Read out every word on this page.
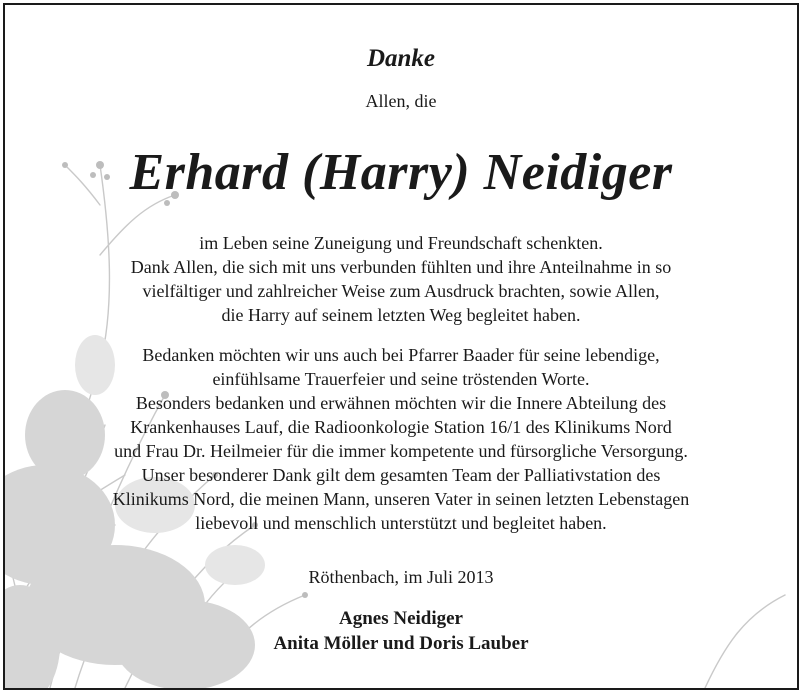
Danke
Allen, die
Erhard (Harry) Neidiger
im Leben seine Zuneigung und Freundschaft schenkten.
Dank Allen, die sich mit uns verbunden fühlten und ihre Anteilnahme in so
vielfältiger und zahlreicher Weise zum Ausdruck brachten, sowie Allen,
die Harry auf seinem letzten Weg begleitet haben.
Bedanken möchten wir uns auch bei Pfarrer Baader für seine lebendige,
einfühlsame Trauerfeier und seine tröstenden Worte.
Besonders bedanken und erwähnen möchten wir die Innere Abteilung des
Krankenhauses Lauf, die Radioonkologie Station 16/1 des Klinikums Nord
und Frau Dr. Heilmeier für die immer kompetente und fürsorgliche Versorgung.
Unser besonderer Dank gilt dem gesamten Team der Palliativstation des
Klinikums Nord, die meinen Mann, unseren Vater in seinen letzten Lebenstagen
liebevoll und menschlich unterstützt und begleitet haben.
Röthenbach, im Juli 2013
Agnes Neidiger
Anita Möller und Doris Lauber
